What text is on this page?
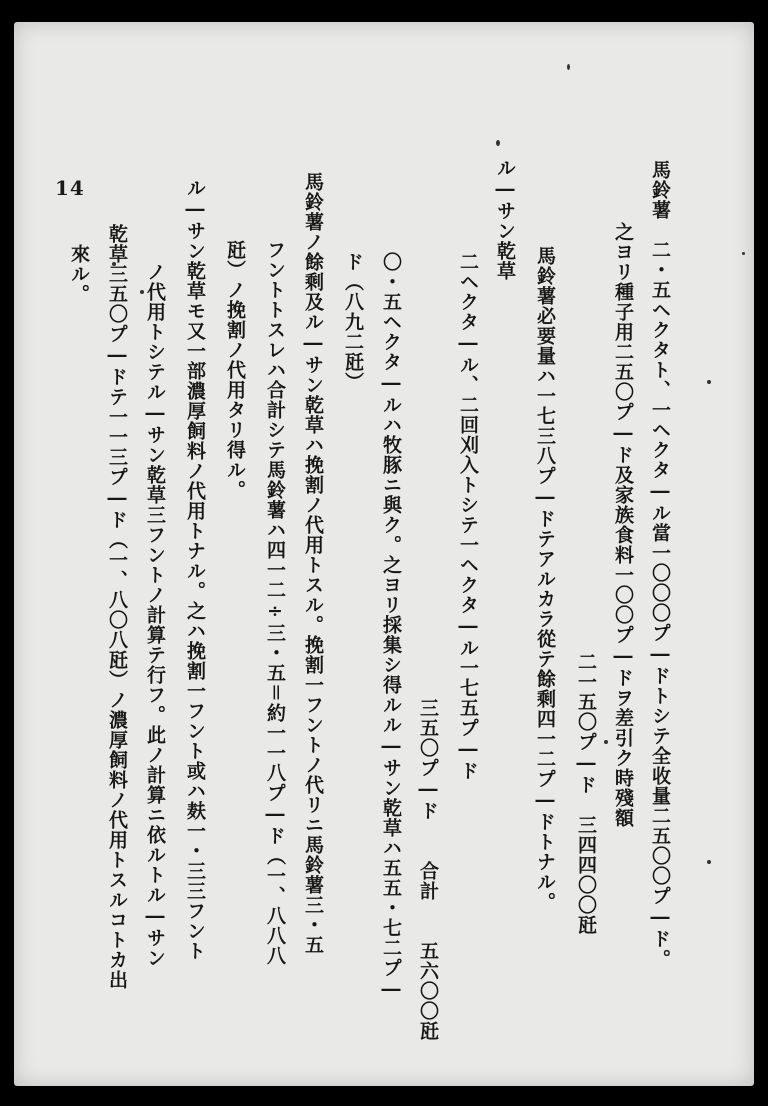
14	馬鈴薯　二・五ヘクタト、一ヘクタ―ル當一〇〇〇プ―ドトシテ全收量二五〇〇プ―ド。
之ヨリ種子用二五〇プ―ド及家族食料一〇〇プ―ドヲ差引ク時殘額
二一五〇プ―ド　三四四〇〇瓩
馬鈴薯必要量ハ一七三八プ―ドテアルカラ從テ餘剩四一二プ―ドトナル。
ル―サン乾草
二ヘクタ―ル、二回刈入トシテ一ヘクタ―ル一七五プ―ド
三五〇プ―ド　　合計　　五六〇〇瓩
〇・五ヘクタ―ルハ牧豚ニ與ク。之ヨリ採集シ得ルル―サン乾草ハ五五・七二プ―
ド（八九二瓩）
馬鈴薯ノ餘剩及ル―サン乾草ハ挽割ノ代用トスル。挽割一フントノ代リニ馬鈴薯三・五
フントトスレハ合計シテ馬鈴薯ハ四一二÷三・五＝約一一八プ―ド（一、八八八
瓩）ノ挽割ノ代用タリ得ル。
ル―サン乾草モ又一部濃厚飼料ノ代用トナル。之ハ挽割一フント或ハ麸一・三三フント
ノ代用トシテル―サン乾草三フントノ計算テ行フ。此ノ計算ニ依ルトル―サン
乾草三五〇プ―ドテ一一三プ―ド（一、八〇八瓩）ノ濃厚飼料ノ代用トスルコトカ出
來ル。
